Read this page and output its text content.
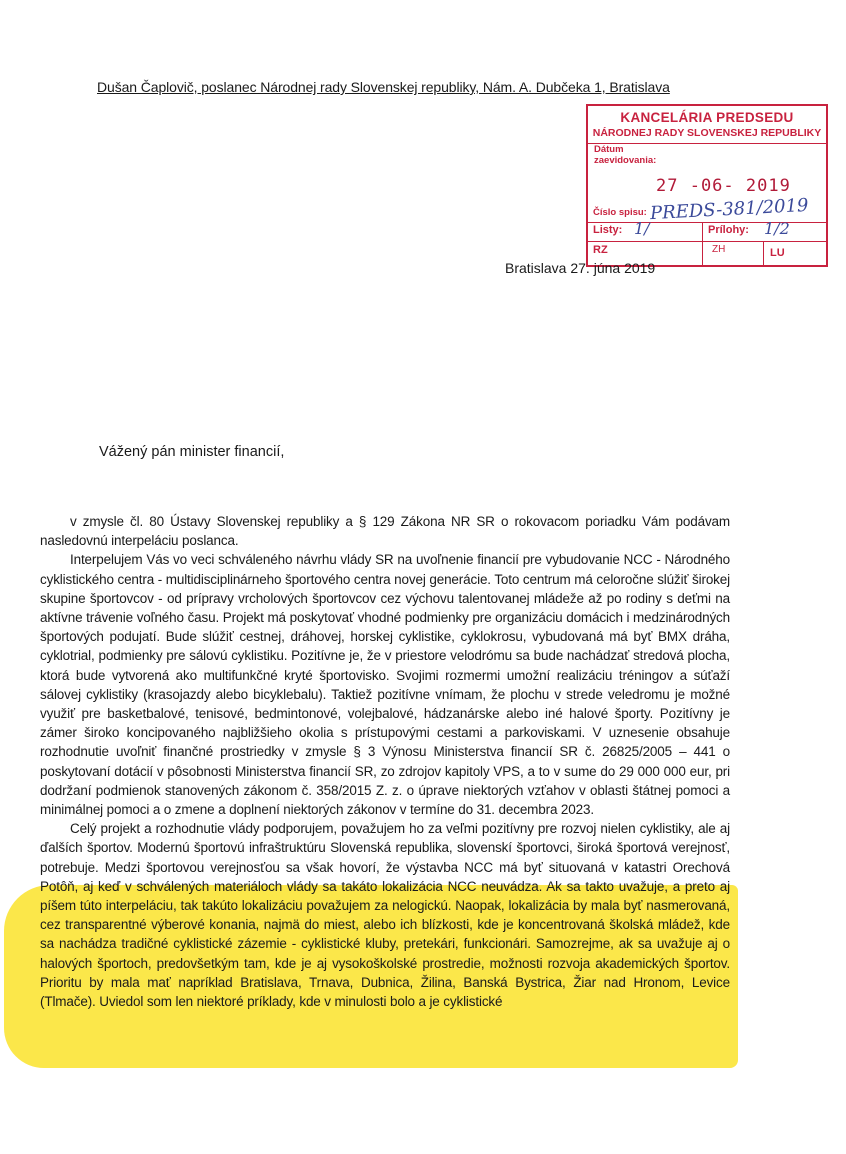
Dušan Čaplovič, poslanec Národnej rady Slovenskej republiky, Nám. A. Dubčeka 1, Bratislava
KANCELÁRIA PREDSEDU
NÁRODNEJ RADY SLOVENSKEJ REPUBLIKY
Dátum
zaevidovania:
27 -06- 2019
Číslo spisu: PREDS-381/2019
Listy: 1/	Prílohy: 1/2
RZ	ZH	LU
Bratislava 27. júna 2019
Vážený pán minister financií,

v zmysle čl. 80 Ústavy Slovenskej republiky a § 129 Zákona NR SR o rokovacom poriadku Vám podávam nasledovnú interpeláciu poslanca.

Interpelujem Vás vo veci schváleného návrhu vlády SR na uvoľnenie financií pre vybudovanie NCC - Národného cyklistického centra - multidisciplinárneho športového centra novej generácie. Toto centrum má celoročne slúžiť širokej skupine športovcov - od prípravy vrcholových športovcov cez výchovu talentovanej mládeže až po rodiny s deťmi na aktívne trávenie voľného času. Projekt má poskytovať vhodné podmienky pre organizáciu domácich i medzinárodných športových podujatí. Bude slúžiť cestnej, dráhovej, horskej cyklistike, cyklokrosu, vybudovaná má byť BMX dráha, cyklotrial, podmienky pre sálovú cyklistiku. Pozitívne je, že v priestore velodrómu sa bude nachádzať stredová plocha, ktorá bude vytvorená ako multifunkčné kryté športovisko. Svojimi rozmermi umožní realizáciu tréningov a súťaží sálovej cyklistiky (krasojazdy alebo bicyklebalu). Taktiež pozitívne vnímam, že plochu v strede veledromu je možné využiť pre basketbalové, tenisové, bedmintonové, volejbalové, hádzanárske alebo iné halové športy. Pozitívny je zámer široko koncipovaného najbližšieho okolia s prístupovými cestami a parkoviskami. V uznesenie obsahuje rozhodnutie uvoľniť finančné prostriedky v zmysle § 3 Výnosu Ministerstva financií SR č. 26825/2005 – 441 o poskytovaní dotácií v pôsobnosti Ministerstva financií SR, zo zdrojov kapitoly VPS, a to v sume do 29 000 000 eur, pri dodržaní podmienok stanovených zákonom č. 358/2015 Z. z. o úprave niektorých vzťahov v oblasti štátnej pomoci a minimálnej pomoci a o zmene a doplnení niektorých zákonov v termíne do 31. decembra 2023.

Celý projekt a rozhodnutie vlády podporujem, považujem ho za veľmi pozitívny pre rozvoj nielen cyklistiky, ale aj ďalších športov. Modernú športovú infraštruktúru Slovenská republika, slovenskí športovci, široká športová verejnosť, potrebuje. Medzi športovou verejnosťou sa však hovorí, že výstavba NCC má byť situovaná v katastri Orechová Potôň, aj keď v schválených materiáloch vlády sa takáto lokalizácia NCC neuvádza. Ak sa takto uvažuje, a preto aj píšem túto interpeláciu, tak takúto lokalizáciu považujem za nelogickú. Naopak, lokalizácia by mala byť nasmerovaná, cez transparentné výberové konania, najmä do miest, alebo ich blízkosti, kde je koncentrovaná školská mládež, kde sa nachádza tradičné cyklistické zázemie - cyklistické kluby, pretekári, funkcionári. Samozrejme, ak sa uvažuje aj o halových športoch, predovšetkým tam, kde je aj vysokoškolské prostredie, možnosti rozvoja akademických športov. Prioritu by mala mať napríklad Bratislava, Trnava, Dubnica, Žilina, Banská Bystrica, Žiar nad Hronom, Levice (Tlmače). Uviedol som len niektoré príklady, kde v minulosti bolo a je cyklistické
